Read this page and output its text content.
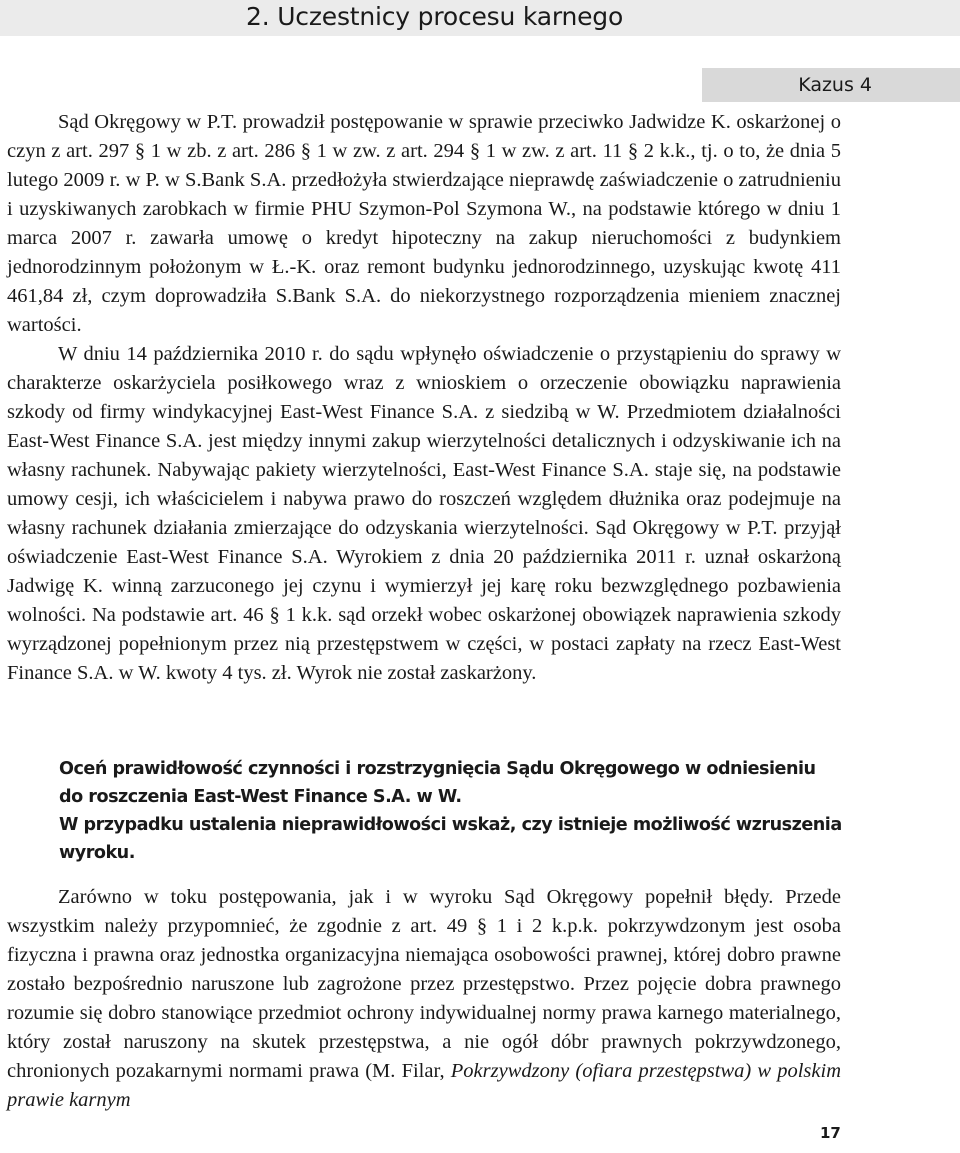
2. Uczestnicy procesu karnego
Kazus 4

Sąd Okręgowy w P.T. prowadził postępowanie w sprawie przeciwko Jadwidze K. oskarżonej o czyn z art. 297 § 1 w zb. z art. 286 § 1 w zw. z art. 294 § 1 w zw. z art. 11 § 2 k.k., tj. o to, że dnia 5 lutego 2009 r. w P. w S.Bank S.A. przedłożyła stwierdzające nieprawdę zaświadczenie o zatrudnieniu i uzyskiwanych zarobkach w firmie PHU Szymon-Pol Szymona W., na podstawie którego w dniu 1 marca 2007 r. zawarła umowę o kredyt hipoteczny na zakup nieruchomości z budynkiem jednorodzinnym położonym w Ł.-K. oraz remont budynku jednorodzinnego, uzyskując kwotę 411 461,84 zł, czym doprowadziła S.Bank S.A. do niekorzystnego rozporządzenia mieniem znacznej wartości.

W dniu 14 października 2010 r. do sądu wpłynęło oświadczenie o przystąpieniu do sprawy w charakterze oskarżyciela posiłkowego wraz z wnioskiem o orzeczenie obowiązku naprawienia szkody od firmy windykacyjnej East-West Finance S.A. z siedzibą w W. Przedmiotem działalności East-West Finance S.A. jest między innymi zakup wierzytelności detalicznych i odzyskiwanie ich na własny rachunek. Nabywając pakiety wierzytelności, East-West Finance S.A. staje się, na podstawie umowy cesji, ich właścicielem i nabywa prawo do roszczeń względem dłużnika oraz podejmuje na własny rachunek działania zmierzające do odzyskania wierzytelności. Sąd Okręgowy w P.T. przyjął oświadczenie East-West Finance S.A. Wyrokiem z dnia 20 października 2011 r. uznał oskarżoną Jadwigę K. winną zarzuconego jej czynu i wymierzył jej karę roku bezwzględnego pozbawienia wolności. Na podstawie art. 46 § 1 k.k. sąd orzekł wobec oskarżonej obowiązek naprawienia szkody wyrządzonej popełnionym przez nią przestępstwem w części, w postaci zapłaty na rzecz East-West Finance S.A. w W. kwoty 4 tys. zł. Wyrok nie został zaskarżony.

Oceń prawidłowość czynności i rozstrzygnięcia Sądu Okręgowego w odniesieniu do roszczenia East-West Finance S.A. w W.

W przypadku ustalenia nieprawidłowości wskaż, czy istnieje możliwość wzruszenia wyroku.

Zarówno w toku postępowania, jak i w wyroku Sąd Okręgowy popełnił błędy. Przede wszystkim należy przypomnieć, że zgodnie z art. 49 § 1 i 2 k.p.k. pokrzywdzonym jest osoba fizyczna i prawna oraz jednostka organizacyjna niemająca osobowości prawnej, której dobro prawne zostało bezpośrednio naruszone lub zagrożone przez przestępstwo. Przez pojęcie dobra prawnego rozumie się dobro stanowiące przedmiot ochrony indywidualnej normy prawa karnego materialnego, który został naruszony na skutek przestępstwa, a nie ogół dóbr prawnych pokrzywdzonego, chronionych pozakarnymi normami prawa (M. Filar, Pokrzywdzony (ofiara przestępstwa) w polskim prawie karnym

17
